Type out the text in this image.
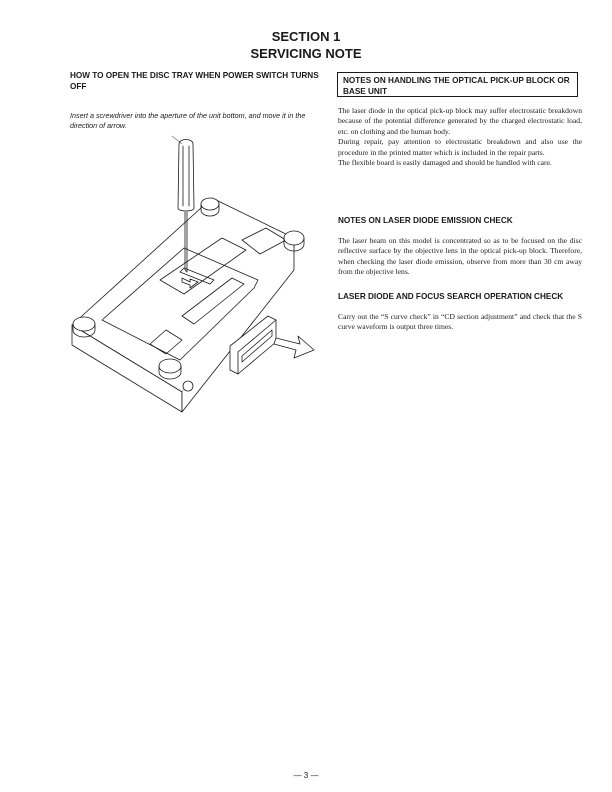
SECTION 1
SERVICING NOTE
HOW TO OPEN THE DISC TRAY WHEN POWER SWITCH TURNS OFF
Insert a screwdriver into the aperture of the unit bottom, and move it in the direction of arrow.
NOTES ON HANDLING THE OPTICAL PICK-UP BLOCK OR BASE UNIT

The laser diode in the optical pick-up block may suffer electrostatic breakdown because of the potential difference generated by the charged electrostatic load, etc. on clothing and the human body.

During repair, pay attention to electrostatic breakdown and also use the procedure in the printed matter which is included in the repair parts.

The flexible board is easily damaged and should be handled with care.

NOTES ON LASER DIODE EMISSION CHECK

The laser beam on this model is concentrated so as to be focused on the disc reflective surface by the objective lens in the optical pick-up block. Therefore, when checking the laser diode emission, observe from more than 30 cm away from the objective lens.

LASER DIODE AND FOCUS SEARCH OPERATION CHECK

Carry out the “S curve check” in “CD section adjustment” and check that the S curve waveform is output three times.

— 3 —
